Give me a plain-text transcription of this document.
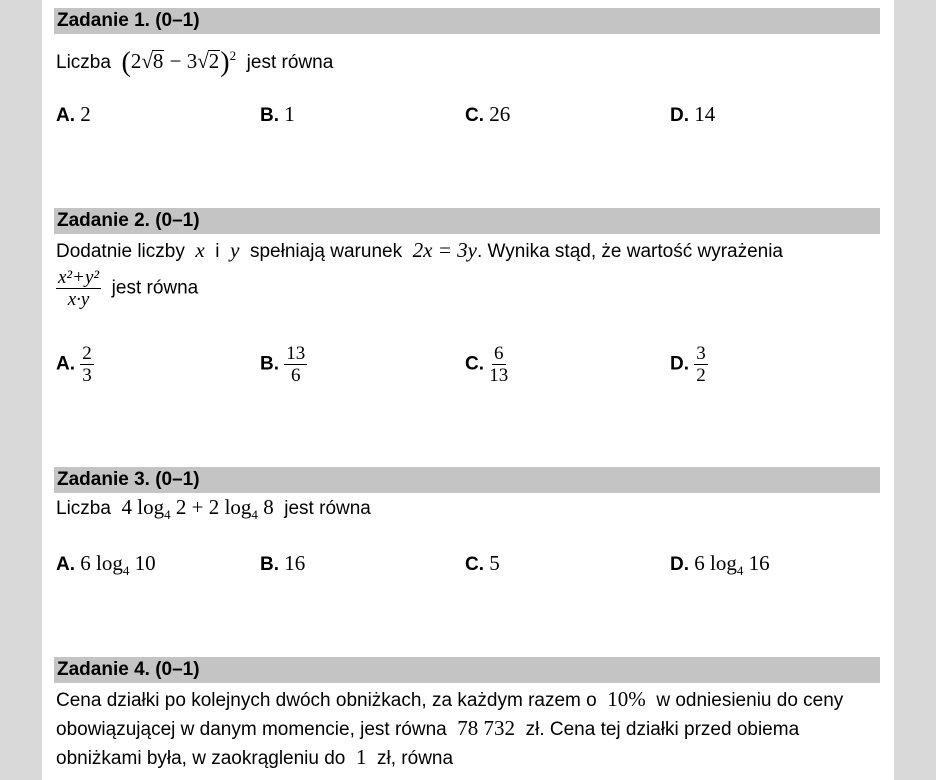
Zadanie 1. (0–1)
Liczba $(2√8 - 3√2)^2$ jest równa
A. 2	B. 1	C. 26	D. 14
Zadanie 2. (0–1)
Dodatnie liczby x i y spełniają warunek 2x = 3y. Wynika stąd, że wartość wyrażenia
$\frac{\text{x²+y²}}{x\cdot y}$ jest równa
A. $\frac{2}{3}$	B. $\frac{13}{6}$	C. $\frac{6}{13}$	D. $\frac{3}{2}$
Zadanie 3. (0–1)
Liczba 4 $\log_4 2 + 2$ $\log_4 8$ jest równa
A. 6 $\log_4 10$	B. 16	C. 5	D. 6 $\log_4 16$
Zadanie 4. (0–1)
Cena działki po kolejnych dwóch obniżkach, za każdym razem o 10% w odniesieniu do ceny
obowiązującej w danym momencie, jest równa 78 732 zł. Cena tej działki przed obiema
obniżkami była, w zaokrągleniu do 1 zł, równa
